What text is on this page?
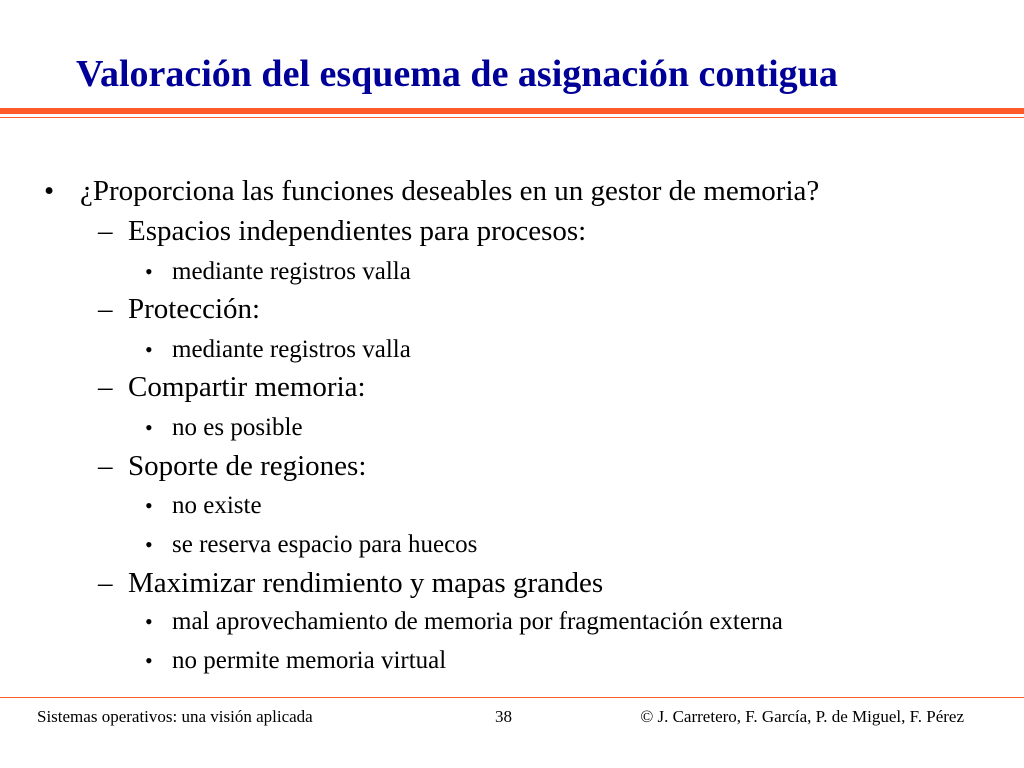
Valoración del esquema de asignación contigua
• ¿Proporciona las funciones deseables en un gestor de memoria?
– Espacios independientes para procesos:
• mediante registros valla
– Protección:
• mediante registros valla
– Compartir memoria:
• no es posible
– Soporte de regiones:
• no existe
• se reserva espacio para huecos
– Maximizar rendimiento y mapas grandes
• mal aprovechamiento de memoria por fragmentación externa
• no permite memoria virtual
Sistemas operativos: una visión aplicada	38	© J. Carretero, F. García, P. de Miguel, F. Pérez
